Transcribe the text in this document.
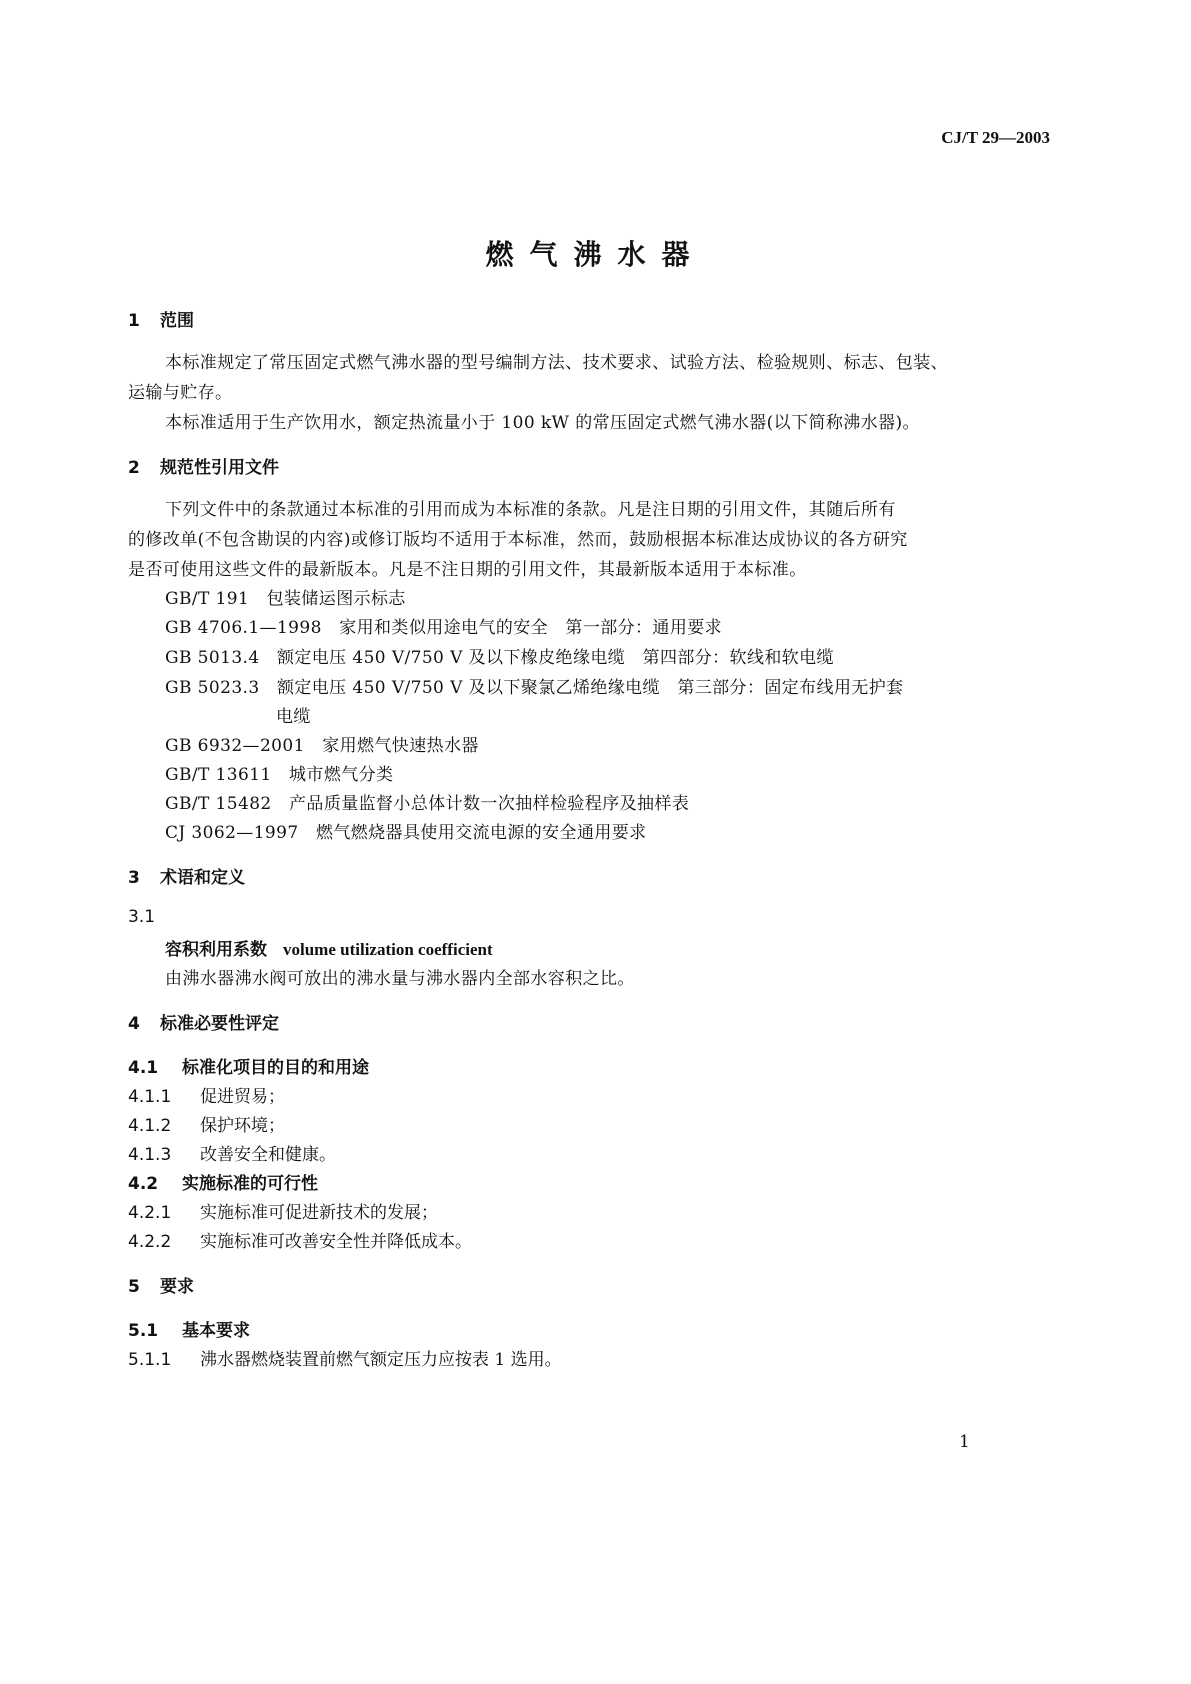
CJ/T 29—2003
燃气沸水器
1 范围
本标准规定了常压固定式燃气沸水器的型号编制方法、技术要求、试验方法、检验规则、标志、包装、
运输与贮存。
本标准适用于生产饮用水，额定热流量小于 100 kW 的常压固定式燃气沸水器(以下简称沸水器)。
2 规范性引用文件
下列文件中的条款通过本标准的引用而成为本标准的条款。凡是注日期的引用文件，其随后所有
的修改单(不包含勘误的内容)或修订版均不适用于本标准，然而，鼓励根据本标准达成协议的各方研究
是否可使用这些文件的最新版本。凡是不注日期的引用文件，其最新版本适用于本标准。
GB/T 191　包装储运图示标志
GB 4706.1—1998　家用和类似用途电气的安全　第一部分：通用要求
GB 5013.4　额定电压 450 V/750 V 及以下橡皮绝缘电缆　第四部分：软线和软电缆
GB 5023.3　额定电压 450 V/750 V 及以下聚氯乙烯绝缘电缆　第三部分：固定布线用无护套
电缆
GB 6932—2001　家用燃气快速热水器
GB/T 13611　城市燃气分类
GB/T 15482　产品质量监督小总体计数一次抽样检验程序及抽样表
CJ 3062—1997　燃气燃烧器具使用交流电源的安全通用要求
3 术语和定义
3.1
容积利用系数 volume utilization coefficient
由沸水器沸水阀可放出的沸水量与沸水器内全部水容积之比。
4 标准必要性评定
4.1 标准化项目的目的和用途
4.1.1 促进贸易；
4.1.2 保护环境；
4.1.3 改善安全和健康。
4.2 实施标准的可行性
4.2.1 实施标准可促进新技术的发展；
4.2.2 实施标准可改善安全性并降低成本。
5 要求
5.1 基本要求
5.1.1 沸水器燃烧装置前燃气额定压力应按表 1 选用。
1
